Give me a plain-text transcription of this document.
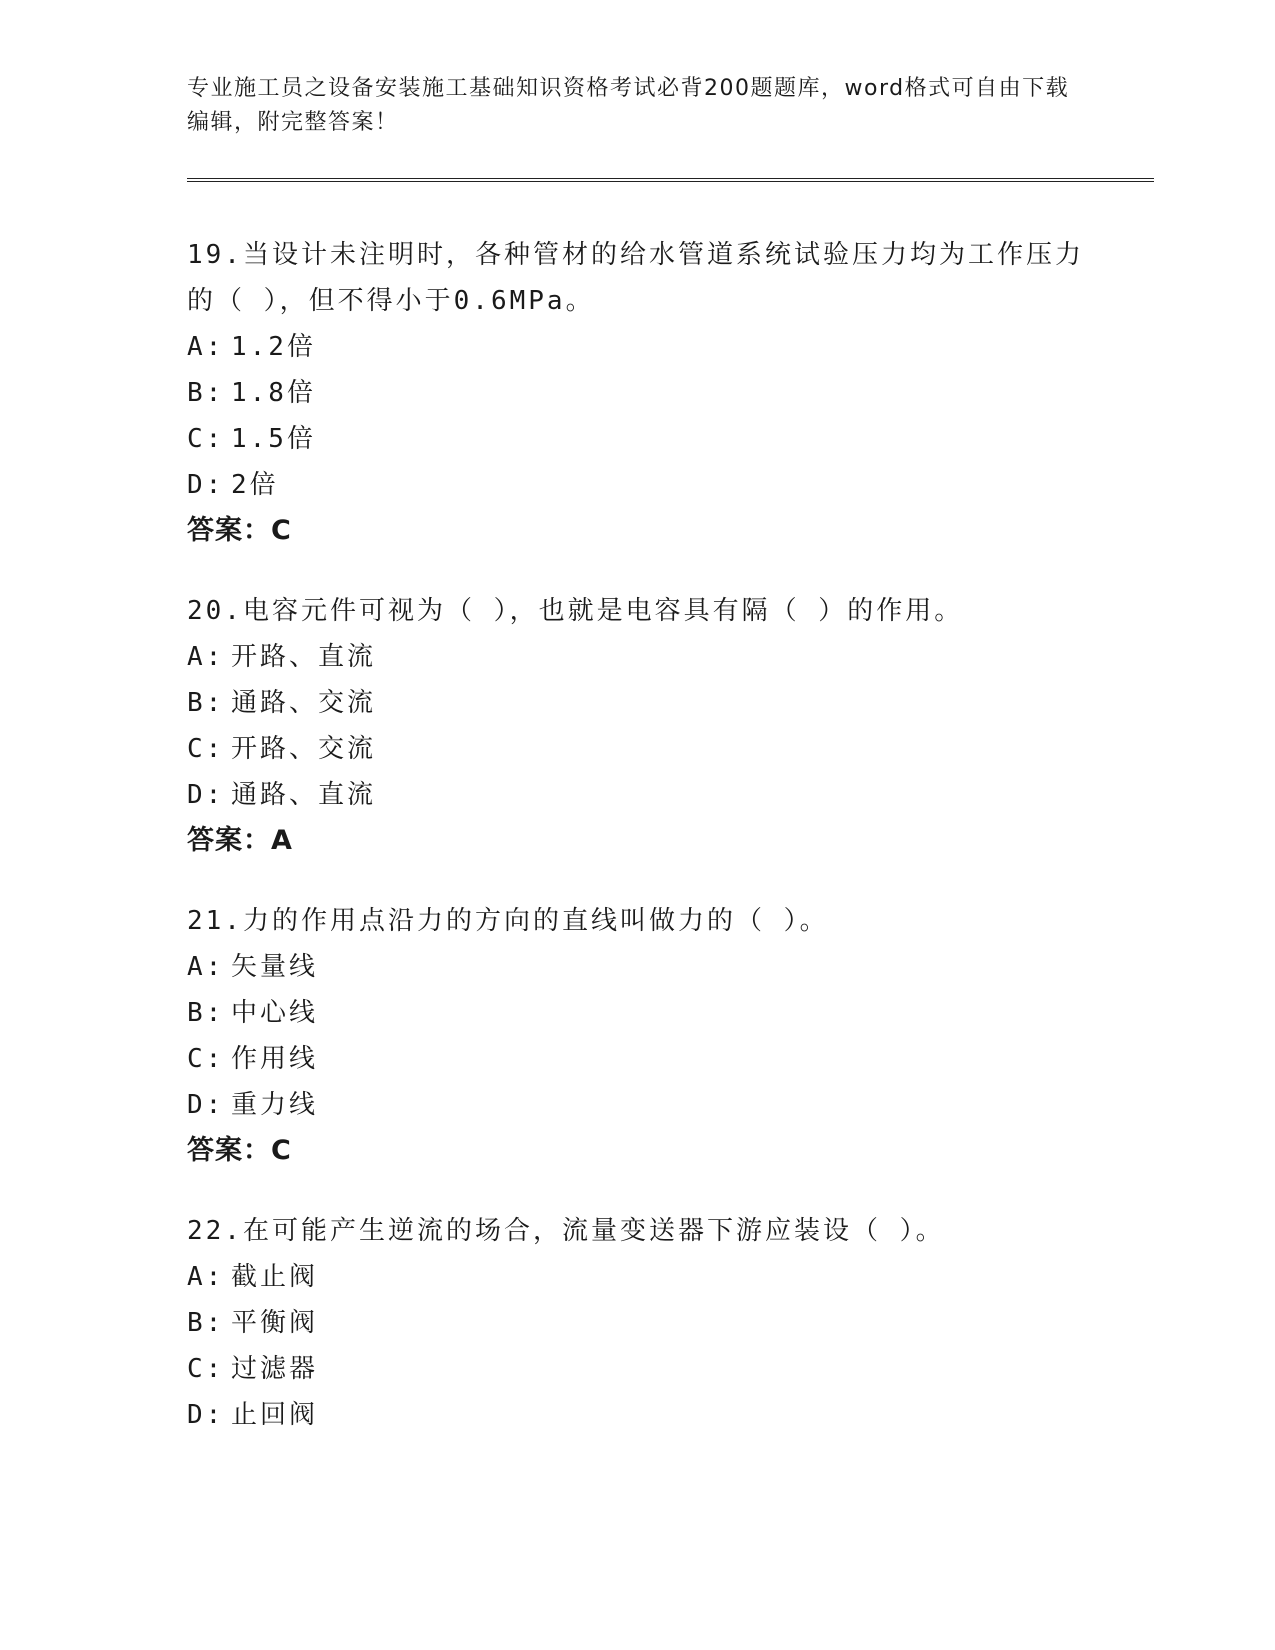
专业施工员之设备安装施工基础知识资格考试必背200题题库，word格式可自由下载编辑，附完整答案！
19.当设计未注明时，各种管材的给水管道系统试验压力均为工作压力的（ ），但不得小于0.6MPa。
A: 1.2倍
B: 1.8倍
C: 1.5倍
D: 2倍
答案：C
20.电容元件可视为（ ），也就是电容具有隔（ ）的作用。
A: 开路、直流
B: 通路、交流
C: 开路、交流
D: 通路、直流
答案：A
21.力的作用点沿力的方向的直线叫做力的（ ）。
A: 矢量线
B: 中心线
C: 作用线
D: 重力线
答案：C
22.在可能产生逆流的场合，流量变送器下游应装设（ ）。
A: 截止阀
B: 平衡阀
C: 过滤器
D: 止回阀
